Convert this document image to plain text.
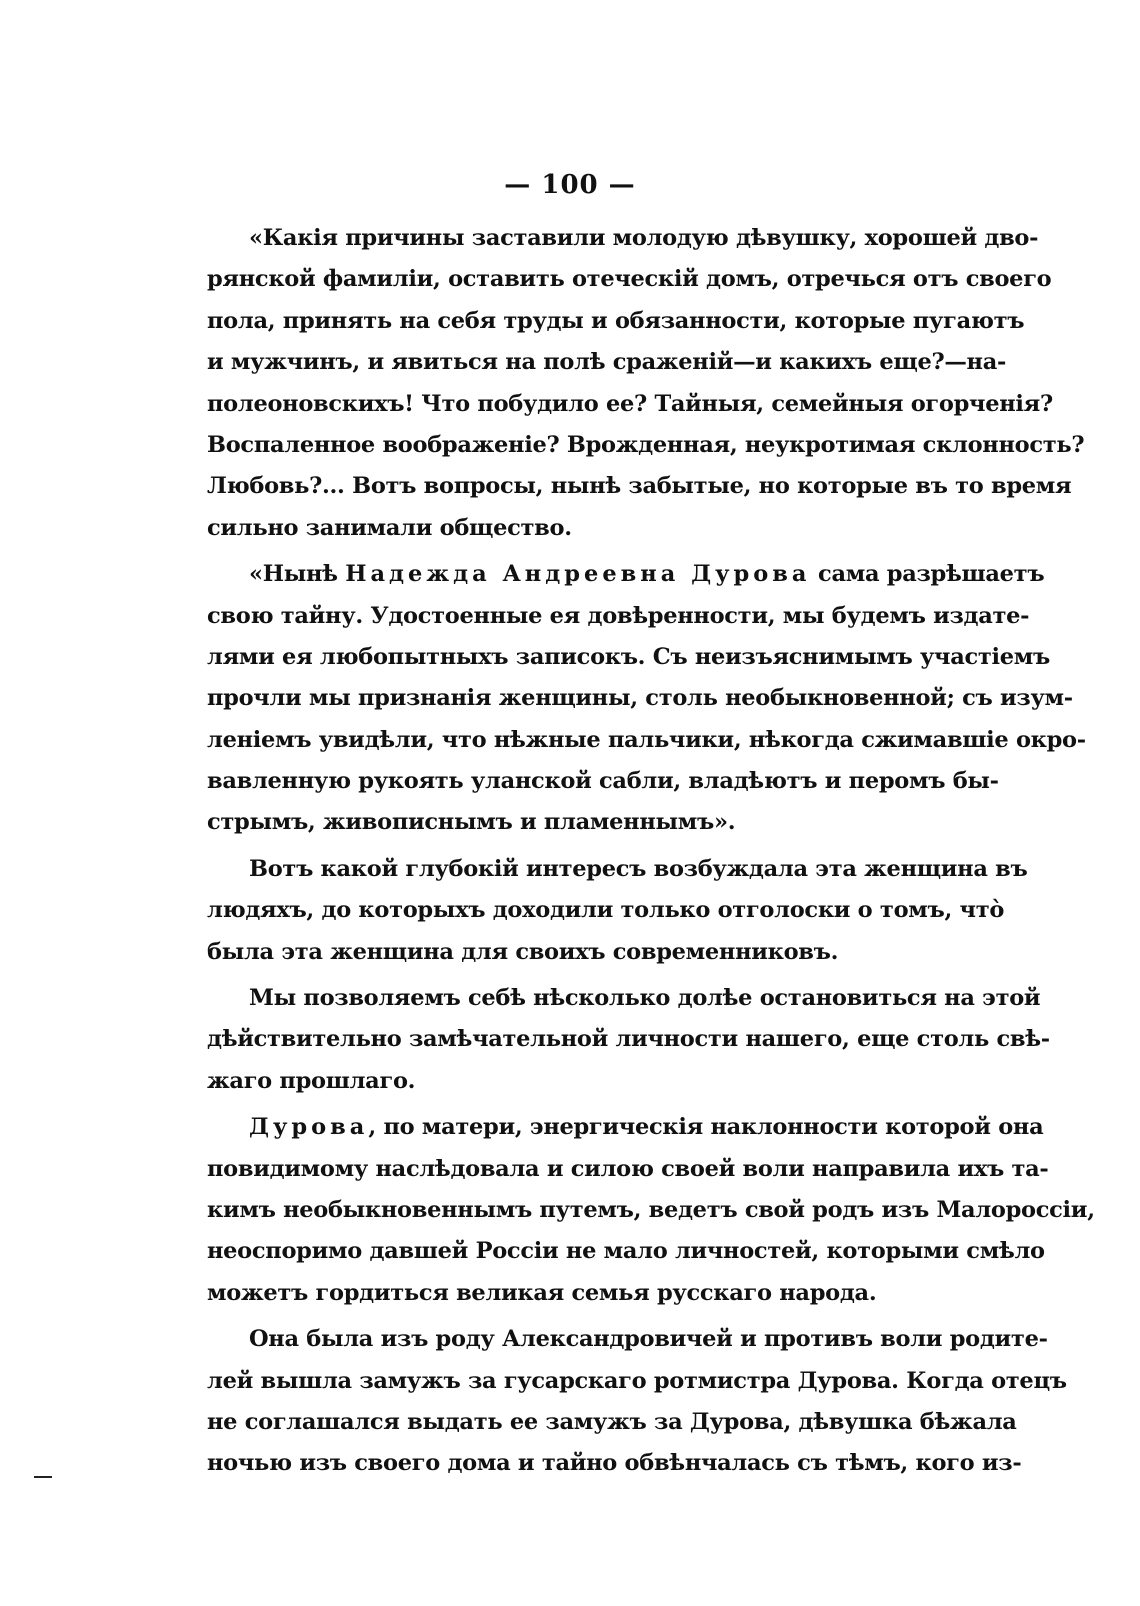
— 100 —
«Какія причины заставили молодую дѣвушку, хорошей дво-
рянской фамиліи, оставить отеческій домъ, отречься отъ своего
пола, принять на себя труды и обязанности, которые пугаютъ
и мужчинъ, и явиться на полѣ сраженій—и какихъ еще?—на-
полеоновскихъ! Что побудило ее? Тайныя, семейныя огорченія?
Воспаленное воображеніе? Врожденная, неукротимая склонность?
Любовь?... Вотъ вопросы, нынѣ забытые, но которые въ то время
сильно занимали общество.
«Нынѣ Надежда Андреевна Дурова сама разрѣшаетъ
свою тайну. Удостоенные ея довѣренности, мы будемъ издате-
лями ея любопытныхъ записокъ. Съ неизъяснимымъ участіемъ
прочли мы признанія женщины, столь необыкновенной; съ изум-
леніемъ увидѣли, что нѣжные пальчики, нѣкогда сжимавшіе окро-
вавленную рукоять уланской сабли, владѣютъ и перомъ бы-
стрымъ, живописнымъ и пламеннымъ».
Вотъ какой глубокій интересъ возбуждала эта женщина въ
людяхъ, до которыхъ доходили только отголоски о томъ, что̀
была эта женщина для своихъ современниковъ.
Мы позволяемъ себѣ нѣсколько долѣе остановиться на этой
дѣйствительно замѣчательной личности нашего, еще столь свѣ-
жаго прошлаго.
Дурова, по матери, энергическія наклонности которой она
повидимому наслѣдовала и силою своей воли направила ихъ та-
кимъ необыкновеннымъ путемъ, ведетъ свой родъ изъ Малороссіи,
неоспоримо давшей Россіи не мало личностей, которыми смѣло
можетъ гордиться великая семья русскаго народа.
Она была изъ роду Александровичей и противъ воли родите-
лей вышла замужъ за гусарскаго ротмистра Дурова. Когда отецъ
не соглашался выдать ее замужъ за Дурова, дѣвушка бѣжала
ночью изъ своего дома и тайно обвѣнчалась съ тѣмъ, кого из-
